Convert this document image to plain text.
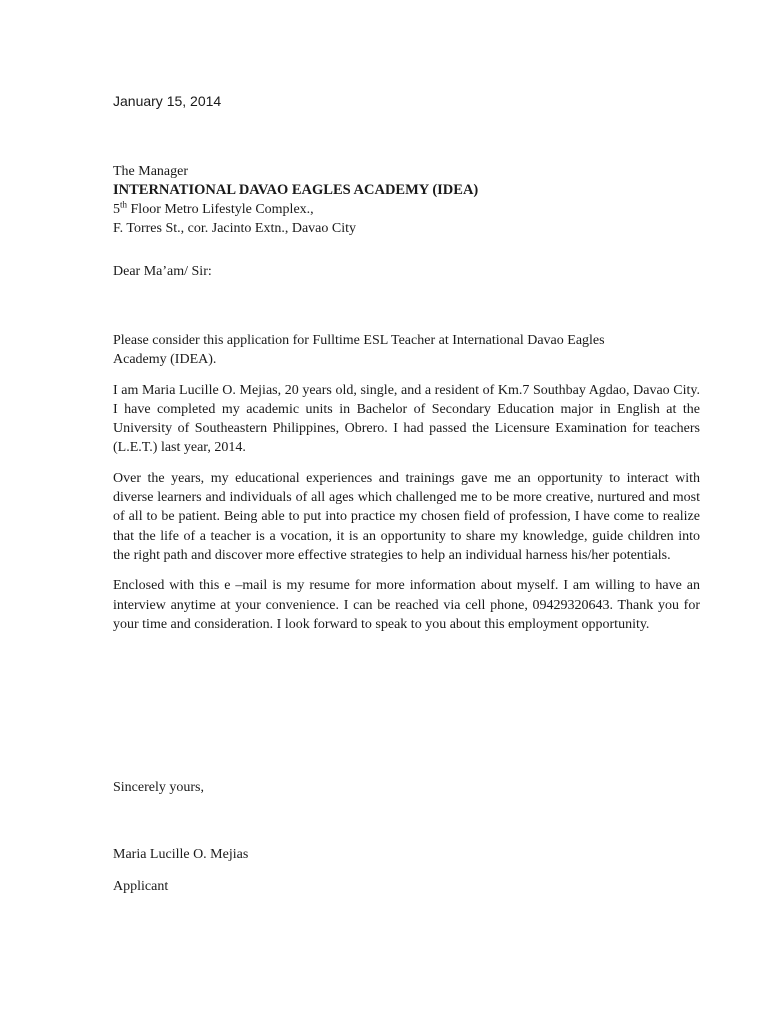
January 15, 2014

The Manager
INTERNATIONAL DAVAO EAGLES ACADEMY (IDEA)
5th Floor Metro Lifestyle Complex.,
F. Torres St., cor. Jacinto Extn., Davao City

Dear Ma’am/ Sir:

Please consider this application for Fulltime ESL Teacher at International Davao Eagles Academy (IDEA).

I am Maria Lucille O. Mejias, 20 years old, single, and a resident of Km.7 Southbay Agdao, Davao City. I have completed my academic units in Bachelor of Secondary Education major in English at the University of Southeastern Philippines, Obrero. I had passed the Licensure Examination for teachers (L.E.T.) last year, 2014.

Over the years, my educational experiences and trainings gave me an opportunity to interact with diverse learners and individuals of all ages which challenged me to be more creative, nurtured and most of all to be patient. Being able to put into practice my chosen field of profession, I have come to realize that the life of a teacher is a vocation, it is an opportunity to share my knowledge, guide children into the right path and discover more effective strategies to help an individual harness his/her potentials.

Enclosed with this e –mail is my resume for more information about myself. I am willing to have an interview anytime at your convenience. I can be reached via cell phone, 09429320643. Thank you for your time and consideration. I look forward to speak to you about this employment opportunity.

Sincerely yours,

Maria Lucille O. Mejias

Applicant
